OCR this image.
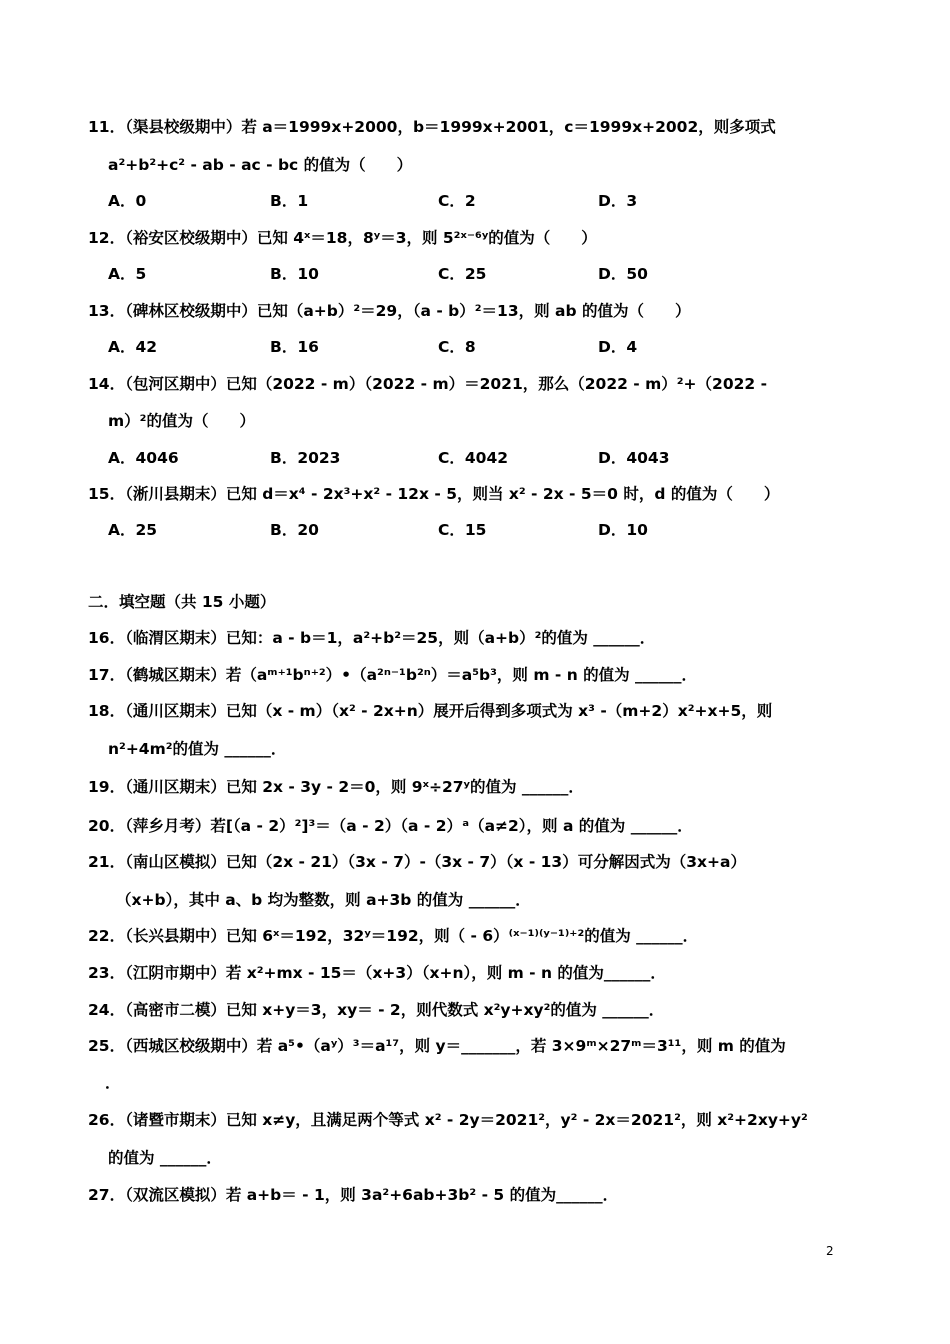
11．（渠县校级期中）若 a＝1999x+2000，b＝1999x+2001，c＝1999x+2002，则多项式
a²+b²+c² - ab - ac - bc 的值为（　　）
A．0	B．1	C．2	D．3
12．（裕安区校级期中）已知 4ˣ＝18，8ʸ＝3，则 5²ˣ⁻⁶ʸ的值为（　　）
A．5	B．10	C．25	D．50
13．（碑林区校级期中）已知（a+b）²＝29，（a - b）²＝13，则 ab 的值为（　　）
A．42	B．16	C．8	D．4
14．（包河区期中）已知（2022 - m）（2022 - m）＝2021，那么（2022 - m）²+（2022 -
m）²的值为（　　）
A．4046	B．2023	C．4042	D．4043
15．（淅川县期末）已知 d＝x⁴ - 2x³+x² - 12x - 5，则当 x² - 2x - 5＝0 时，d 的值为（　　）
A．25	B．20	C．15	D．10
二．填空题（共 15 小题）
16．（临渭区期末）已知：a - b＝1，a²+b²＝25，则（a+b）²的值为 ______．
17．（鹤城区期末）若（aᵐ⁺¹bⁿ⁺²）•（a²ⁿ⁻¹b²ⁿ）＝a⁵b³，则 m - n 的值为 ______．
18．（通川区期末）已知（x - m）（x² - 2x+n）展开后得到多项式为 x³ -（m+2）x²+x+5，则
n²+4m²的值为 ______．
19．（通川区期末）已知 2x - 3y - 2＝0，则 9ˣ÷27ʸ的值为 ______．
20．（萍乡月考）若[（a - 2）²]³＝（a - 2）（a - 2）ᵃ（a≠2），则 a 的值为 ______．
21．（南山区模拟）已知（2x - 21）（3x - 7）-（3x - 7）（x - 13）可分解因式为（3x+a）
（x+b），其中 a、b 均为整数，则 a+3b 的值为 ______．
22．（长兴县期中）已知 6ˣ＝192，32ʸ＝192，则（ - 6）⁽ˣ⁻¹⁾⁽ʸ⁻¹⁾⁺²的值为 ______．
23．（江阴市期中）若 x²+mx - 15＝（x+3）（x+n），则 m - n 的值为______．
24．（高密市二模）已知 x+y＝3，xy＝ - 2，则代数式 x²y+xy²的值为 ______．
25．（西城区校级期中）若 a⁵•（aʸ）³＝a¹⁷，则 y＝_______，若 3×9ᵐ×27ᵐ＝3¹¹，则 m 的值为
．
26．（诸暨市期末）已知 x≠y，且满足两个等式 x² - 2y＝2021²，y² - 2x＝2021²，则 x²+2xy+y²
的值为 ______．
27．（双流区模拟）若 a+b＝ - 1，则 3a²+6ab+3b² - 5 的值为______．
2
